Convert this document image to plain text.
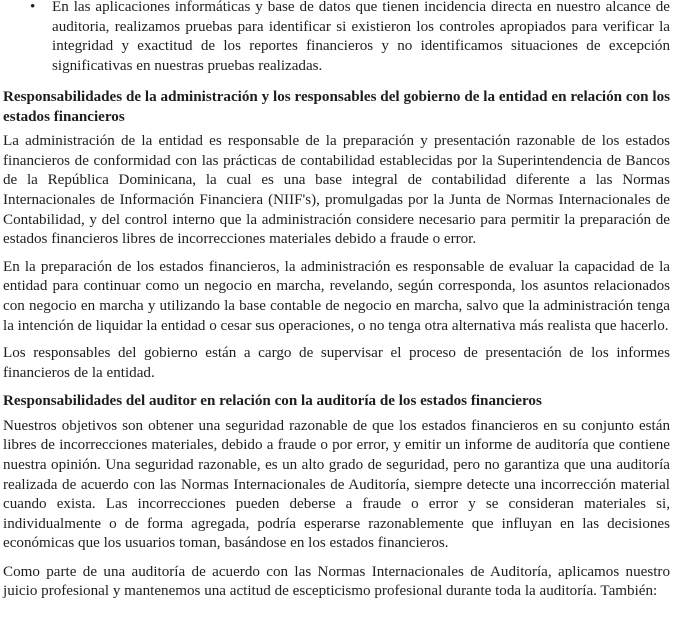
• En las aplicaciones informáticas y base de datos que tienen incidencia directa en nuestro alcance de auditoria, realizamos pruebas para identificar si existieron los controles apropiados para verificar la integridad y exactitud de los reportes financieros y no identificamos situaciones de excepción significativas en nuestras pruebas realizadas.
Responsabilidades de la administración y los responsables del gobierno de la entidad en relación con los estados financieros

La administración de la entidad es responsable de la preparación y presentación razonable de los estados financieros de conformidad con las prácticas de contabilidad establecidas por la Superintendencia de Bancos de la República Dominicana, la cual es una base integral de contabilidad diferente a las Normas Internacionales de Información Financiera (NIIF's), promulgadas por la Junta de Normas Internacionales de Contabilidad, y del control interno que la administración considere necesario para permitir la preparación de estados financieros libres de incorrecciones materiales debido a fraude o error.

En la preparación de los estados financieros, la administración es responsable de evaluar la capacidad de la entidad para continuar como un negocio en marcha, revelando, según corresponda, los asuntos relacionados con negocio en marcha y utilizando la base contable de negocio en marcha, salvo que la administración tenga la intención de liquidar la entidad o cesar sus operaciones, o no tenga otra alternativa más realista que hacerlo.

Los responsables del gobierno están a cargo de supervisar el proceso de presentación de los informes financieros de la entidad.

Responsabilidades del auditor en relación con la auditoría de los estados financieros

Nuestros objetivos son obtener una seguridad razonable de que los estados financieros en su conjunto están libres de incorrecciones materiales, debido a fraude o por error, y emitir un informe de auditoría que contiene nuestra opinión. Una seguridad razonable, es un alto grado de seguridad, pero no garantiza que una auditoría realizada de acuerdo con las Normas Internacionales de Auditoría, siempre detecte una incorrección material cuando exista. Las incorrecciones pueden deberse a fraude o error y se consideran materiales si, individualmente o de forma agregada, podría esperarse razonablemente que influyan en las decisiones económicas que los usuarios toman, basándose en los estados financieros.

Como parte de una auditoría de acuerdo con las Normas Internacionales de Auditoría, aplicamos nuestro juicio profesional y mantenemos una actitud de escepticismo profesional durante toda la auditoría. También:
